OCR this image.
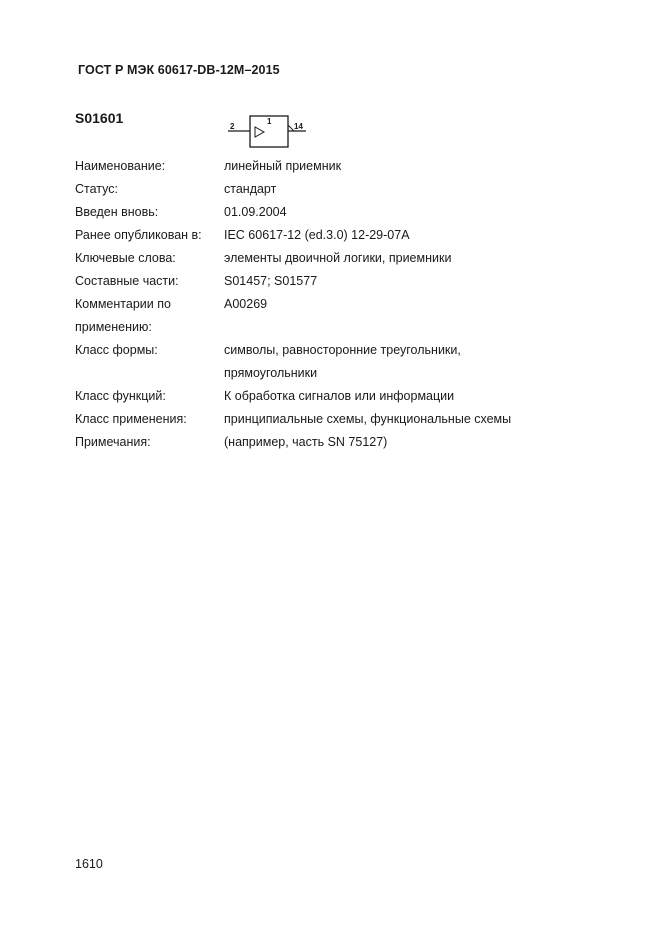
ГОСТ Р МЭК 60617-DB-12M–2015
S01601
2
1
14
Наименование:	линейный приемник
Статус:	стандарт
Введен вновь:	01.09.2004
Ранее опубликован в:	IEC 60617-12 (ed.3.0) 12-29-07A
Ключевые слова:	элементы двоичной логики, приемники
Составные части:	S01457; S01577
Комментарии по	A00269
применению:
Класс формы:	символы, равносторонние треугольники,
прямоугольники
Класс функций:	К обработка сигналов или информации
Класс применения:	принципиальные схемы, функциональные схемы
Примечания:	(например, часть SN 75127)
1610
